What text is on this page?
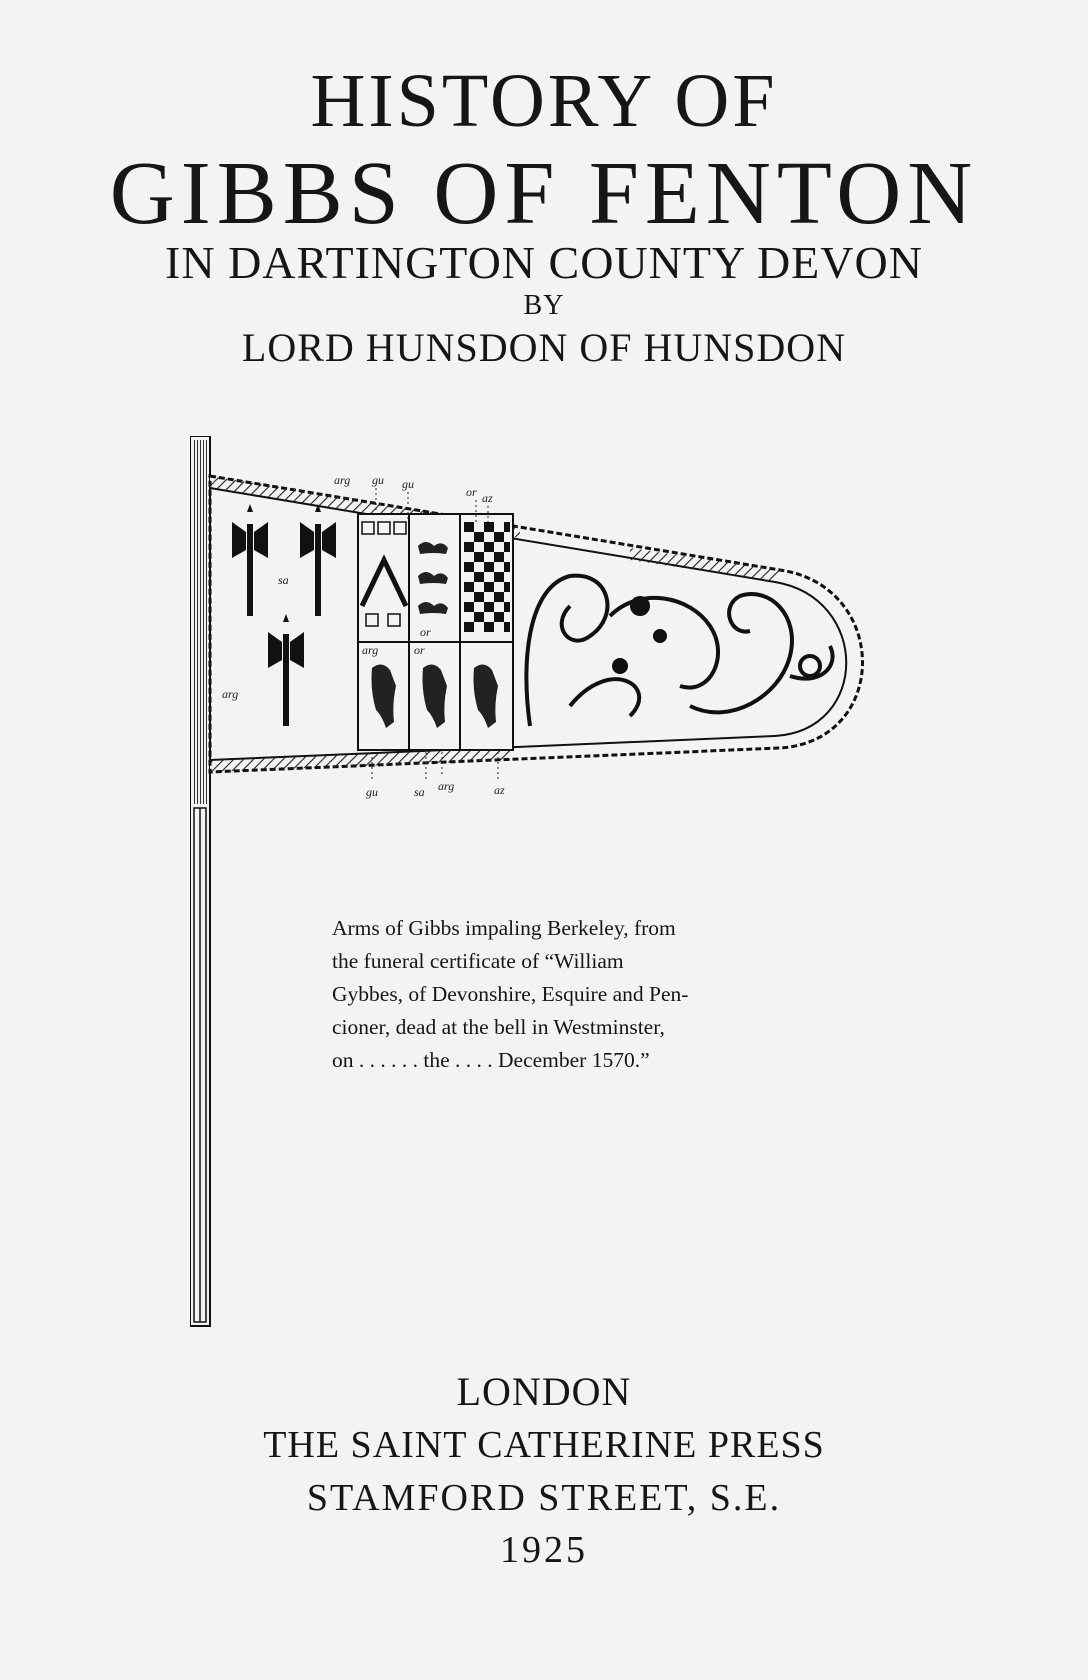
HISTORY OF
GIBBS OF FENTON
IN DARTINGTON COUNTY DEVON
BY
LORD HUNSDON OF HUNSDON
arg gu gu
or az
sa
arg
or
arg	or
gu	sa arg	az
Arms of Gibbs impaling Berkeley, from
the funeral certificate of “William
Gybbes, of Devonshire, Esquire and Pen-
cioner, dead at the bell in Westminster,
on . . . . . . the . . . . December 1570.”
LONDON
THE SAINT CATHERINE PRESS
STAMFORD STREET, S.E.
1925
